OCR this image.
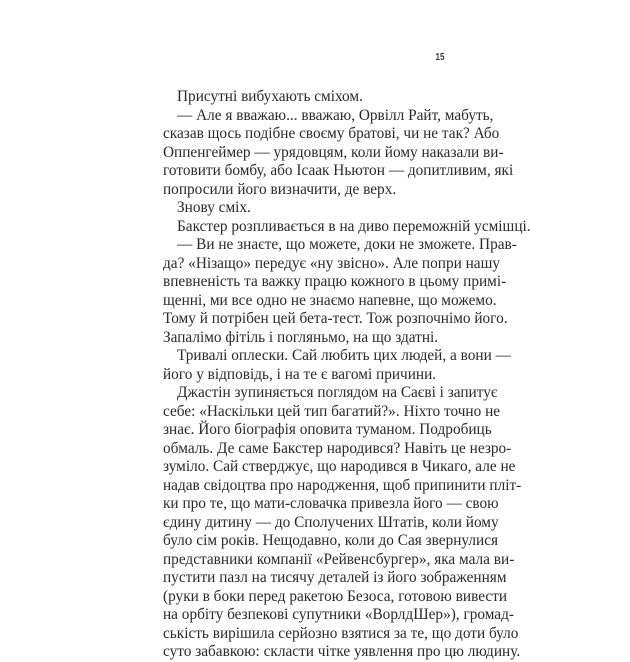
15
Присутні вибухають сміхом.
— Але я вважаю... вважаю, Орвілл Райт, мабуть,
сказав щось подібне своєму братові, чи не так? Або
Оппенгеймер — урядовцям, коли йому наказали ви-
готовити бомбу, або Ісаак Ньютон — допитливим, які
попросили його визначити, де верх.
Знову сміх.
Бакстер розпливається в на диво переможній усмішці.
— Ви не знаєте, що можете, доки не зможете. Прав-
да? «Нізащо» передує «ну звісно». Але попри нашу
впевненість та важку працю кожного в цьому примі-
щенні, ми все одно не знаємо напевне, що можемо.
Тому й потрібен цей бета-тест. Тож розпочнімо його.
Запалімо фітіль і погляньмо, на що здатні.
Тривалі оплески. Сай любить цих людей, а вони —
його у відповідь, і на те є вагомі причини.
Джастін зупиняється поглядом на Саєві і запитує
себе: «Наскільки цей тип багатий?». Ніхто точно не
знає. Його біографія оповита туманом. Подробиць
обмаль. Де саме Бакстер народився? Навіть це незро-
зуміло. Сай стверджує, що народився в Чикаго, але не
надав свідоцтва про народження, щоб припинити пліт-
ки про те, що мати-словачка привезла його — свою
єдину дитину — до Сполучених Штатів, коли йому
було сім років. Нещодавно, коли до Сая звернулися
представники компанії «Рейвенсбургер», яка мала ви-
пустити пазл на тисячу деталей із його зображенням
(руки в боки перед ракетою Безоса, готовою вивести
на орбіту безпекові супутники «ВорлдШер»), громад-
ськість вирішила серйозно взятися за те, що доти було
суто забавкою: скласти чітке уявлення про цю людину.
